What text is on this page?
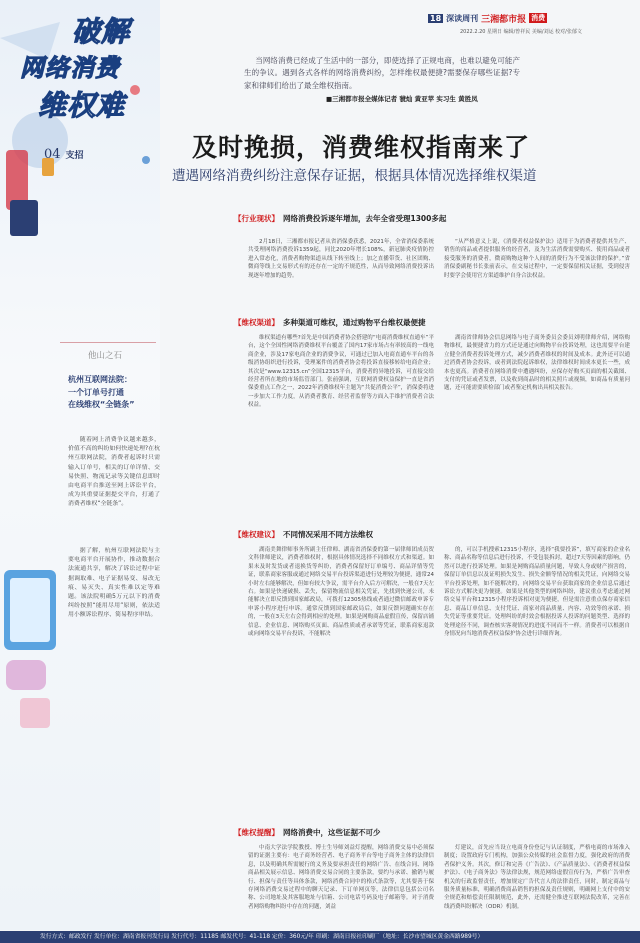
破解
网络消费
维权难
04 支招
18 深读周刊 三湘都市报 消费
2022.2.20 星期日 编辑/曾祥民 美编/刘运 校对/张郁文
当网络消费已经成了生活中的一部分，即使选择了正规电商，也难以避免可能产生的争议。遇到各式各样的网络消费纠纷，怎样维权最便捷?需要保存哪些证据?专家和律师们给出了最全维权指南。
■三湘都市报全媒体记者 虢灿 黄亚苹 实习生 黄胜凤
及时挽损，消费维权指南来了
遭遇网络消费纠纷注意保存证据，根据具体情况选择维权渠道
他山之石
杭州互联网法院：
一个订单号打通
在线维权“全链条”
随着网上消费争议越来越多，价值不高的纠纷如何快速处理?在杭州互联网法院，消费者起诉时只需输入订单号，相关的订单详情、交易快照、物流记录等关键信息即时由电商平台推送至网上诉讼平台，成为其重要证据提交平台，打通了消费者维权“全链条”。
据了解，杭州互联网法院与主要电商平台开展协作，推动数据合法流通共享，解决了诉讼过程中证据调取难、电子证据易变、易改无痕、易灭失、真实性难以定等难题。该法院明确5万元以下的消费纠纷按照“能用尽用”原则，依法适用小额诉讼程序、简易程序审结。
【行业现状】 网络消费投诉逐年增加，去年全省受理1300多起
2月18日，三湘都市报记者从省消保委获悉，2021年，全省消保委系统共受理网络消费投诉1359起，同比2020年增长108%，新冠肺炎疫情防控进入常态化，消费者购物渠道从线下转至线上；加之直播带货、社区团购、微商等线上交易形式有的还存在一定的不规范性，从而导致网络消费投诉出现逐年增加的趋势。
“从严格意义上说，《消费者权益保护法》适用于为消费者提供其生产、销售的商品或者提供服务的经营者，及为生活消费需要购买、使用商品或者接受服务的消费者，微商购物这种个人间的消费行为不受该法律的保护。”省消保委副秘书长张前表示，在交易过程中，一定要保留相关证据，受到侵害时要学会使用官方渠道维护自身合法权益。
【维权渠道】 多种渠道可维权，通过购物平台维权最便捷
维权渠道有哪些?首先是中国消费者协会搭建的“电商消费维权直通车”平台，这个全国性网络消费维权平台覆盖了国内17家市场占有率较高的一线电商企业，涉及17家电商企业的消费争议，可通过已加入电商直通车平台的各级消协组织进行投诉，受理案件的消费者协会将投诉直接移转给电商企业；其次是“www.12315.cn”全国12315平台，消费者的异地投诉，可直接交给经营者所在地的市场监管部门。张前强调，互联网消费权益保护一直是省消保委重点工作之一，2022年消费维权年主题为“共促消费公平”，消保委将进一步加大工作力度，从消费者教育、经营者监督等方面入手维护消费者合法权益。
湖南省律师协会信息网络与电子商务委员会委员刘明律师介绍，网络购物维权，最便捷省力的方式还是通过向购物平台投诉处理，这也需要平台建立健全消费者投诉处理方式，减少消费者维权的时间及成本。此外还可以通过消费者协会投诉，或者到法院起诉维权，法律维权时间成本更长一些，成本也更高。消费者在网络消费中遭遇纠纷，应保存好购买页面的相关截图、支付的凭证或者发票，以及收到商品时的相关照片或视频，如商品有质量问题，还可能需要质检部门或者鉴定机构出具相关报告。
【维权建议】 不同情况采用不同方法维权
湖南美舞律师事务所副主任律师、湖南省消保委的第一届律师团成员贺文科律师建议，消费者维权时，根据具体情况选择不同维权方式和渠道。如果未及时发货或者退换货等纠纷，消费者保留好订单编号、商品详情等凭证，联系商家客服或通过网络交易平台投诉渠道进行处理较为便捷，通常24小时左右能够解决，但如有较大争议，需平台介入后方可解决，一般在7天左右。如果是快递破损、丢失，保留物流信息相关凭证，先找到快递公司，未能解决立即反馈到国家邮政局，可拨打12305热线或者通过微信邮政申诉专申诉小程序进行申诉。通常反馈到国家邮政局后，如果反馈问题确实存在的，一般在3天左右会得到相应的处理。如果是网购商品虚假宣传，保留店铺信息、企业信息、网络购买页面、商品性质或者承诺等凭证，联系商家退款或向网络交易平台投诉，不能解决
的，可以手机搜索12315小程序，选择“我要投诉”，填写商家的企业名称、商品名称等信息后进行投诉，不受包装拆封，超过7天等因素的影响，仍然可以进行投诉处理。如果是网购商品质量问题，导致人身或财产损害的，保留订单信息以及证明损失发生、损失金额等情况的相关凭证，向网络交易平台投诉处理，如不能解决的，向网络交易平台获取商家的企业信息后通过诉讼方式解决更为便捷。如果是其他类型的网络纠纷，建议重点考虑通过网络交易平台和12315小程序投诉相对更为便捷，但是需注意重点保存商家信息、商品订单信息、支付凭证、商家对商品质量、内容、功效等的承诺、损失凭证等重要凭证。处理纠纷的时效会根据投诉人投诉的问题类型、选择的处理途径不同，调查核实客观情况的进度不同而不一样。消费者可以根据自身情况向当地消费者权益保护协会进行详细咨询。
【维权提醒】 网络消费中，这些证据不可少
中南大学法学院教授、博士生导师刘益灯提醒，网络消费交易中必须保留的证据主要有：电子商务经营者、电子商务平台等电子商务主体的法律信息，以及明确其所需履行的义务及要承担责任的网络广告、在线合同、网络商品相关展示信息、网络消费交易合同的主要条款，要约与承诺、撤销与履行、担保与责任等具体条款，网络消费合同中的格式条款等，尤其要善于保存网络消费交易过程中的聊天记录、下订单网页等，法律信息包括公司名称、公司地址及其客服地址与信箱、公司电话号码及电子邮箱等。对于消费者网络购物纠纷中存在的问题，刘益
灯建议，首先应当设立电商身份登记与认证制度，严格电商的市场准入制度；设置政府专门机构，加强公众传媒的社会监督力度，强化政府的消费者保护义务。其次，修订和完善《广告法》、《产品质量法》、《消费者权益保护法》、《电子商务法》等法律法规，规范网络虚假宣传行为，严格广告审查机关的行政监督责任，增加规定广告代言人的法律责任，同时，制定商品与服务质量标准，明确消费商品销售的担保及责任规则，明确网上支付中的安全规范和赔偿责任限制规范，此外，还需健全推进互联网法院改革，完善在线消费纠纷解决（ODR）机制。
发行方式：邮政发行 发行单位：湖南省报刊发行局 发行代号：11185 邮发代号：41-118 定价：360元/年 印刷：湖南日报社印刷厂（地址：长沙市望城区黄金西路989号）
